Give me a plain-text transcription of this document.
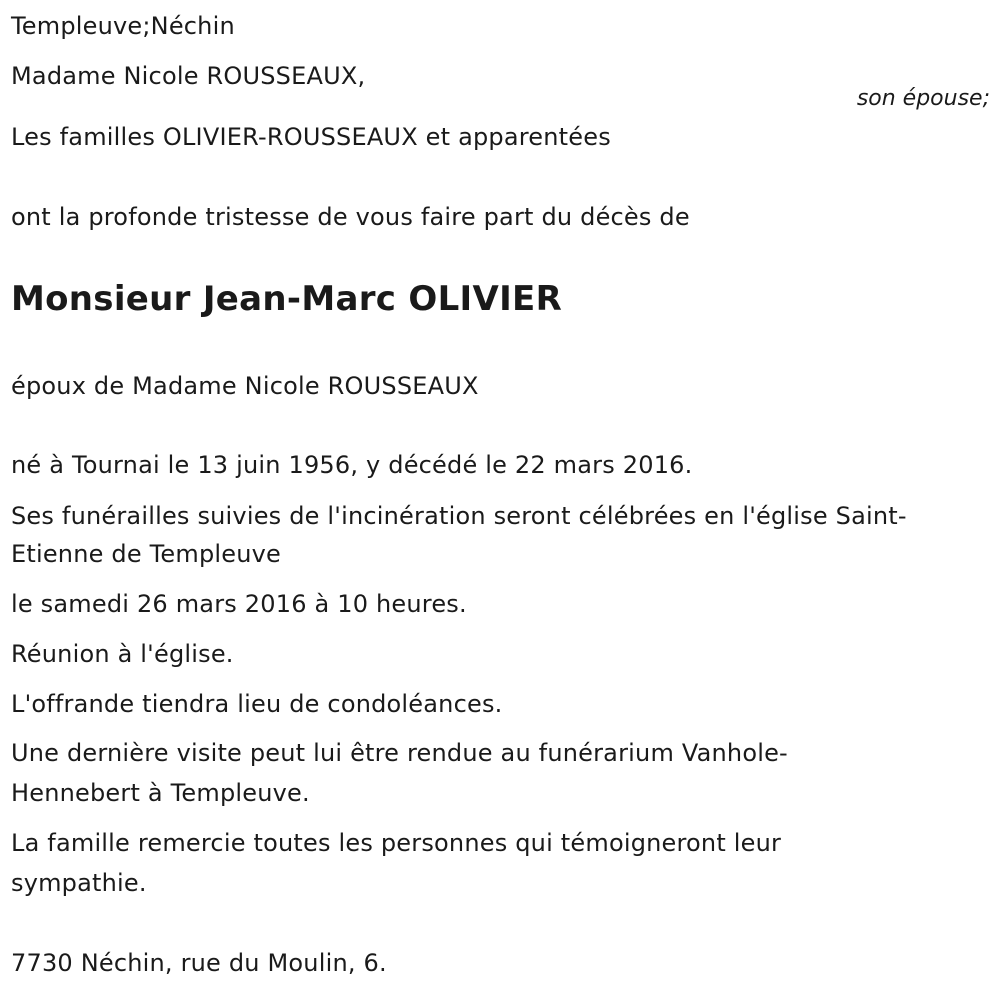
Templeuve;Néchin
Madame Nicole ROUSSEAUX,
son épouse;
Les familles OLIVIER-ROUSSEAUX et apparentées
ont la profonde tristesse de vous faire part du décès de
Monsieur Jean-Marc OLIVIER
époux de Madame Nicole ROUSSEAUX
né à Tournai le 13 juin 1956, y décédé le 22 mars 2016.
Ses funérailles suivies de l'incinération seront célébrées en l'église Saint-
Etienne de Templeuve
le samedi 26 mars 2016 à 10 heures.
Réunion à l'église.
L'offrande tiendra lieu de condoléances.
Une dernière visite peut lui être rendue au funérarium Vanhole-
Hennebert à Templeuve.
La famille remercie toutes les personnes qui témoigneront leur
sympathie.
7730 Néchin, rue du Moulin, 6.
